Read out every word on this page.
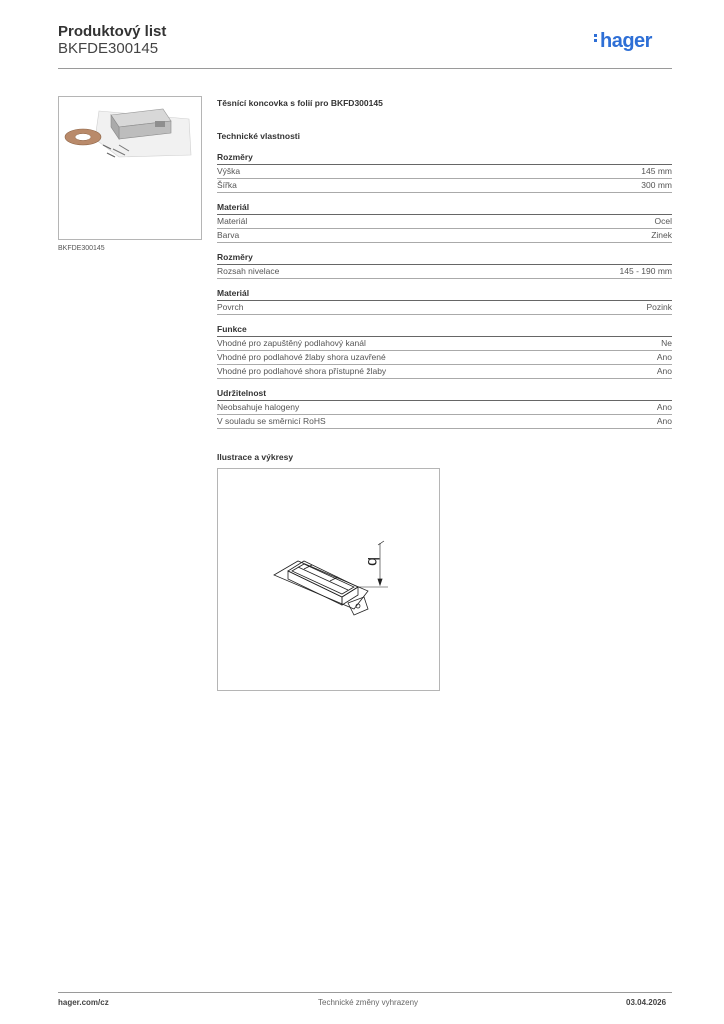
Produktový list
BKFDE300145	hager
BKFDE300145
Těsnící koncovka s folií pro BKFD300145
Technické vlastnosti
Rozměry
Výška	145 mm
Šířka	300 mm
Materiál
Materiál	Ocel
Barva	Zinek
Rozměry
Rozsah nivelace	145 - 190 mm
Materiál
Povrch	Pozink
Funkce
Vhodné pro zapuštěný podlahový kanál	Ne
Vhodné pro podlahové žlaby shora uzavřené	Ano
Vhodné pro podlahové shora přístupné žlaby	Ano
Udržitelnost
Neobsahuje halogeny	Ano
V souladu se směrnicí RoHS	Ano
Ilustrace a výkresy
b
hager.com/cz	Technické změny vyhrazeny	03.04.2026
